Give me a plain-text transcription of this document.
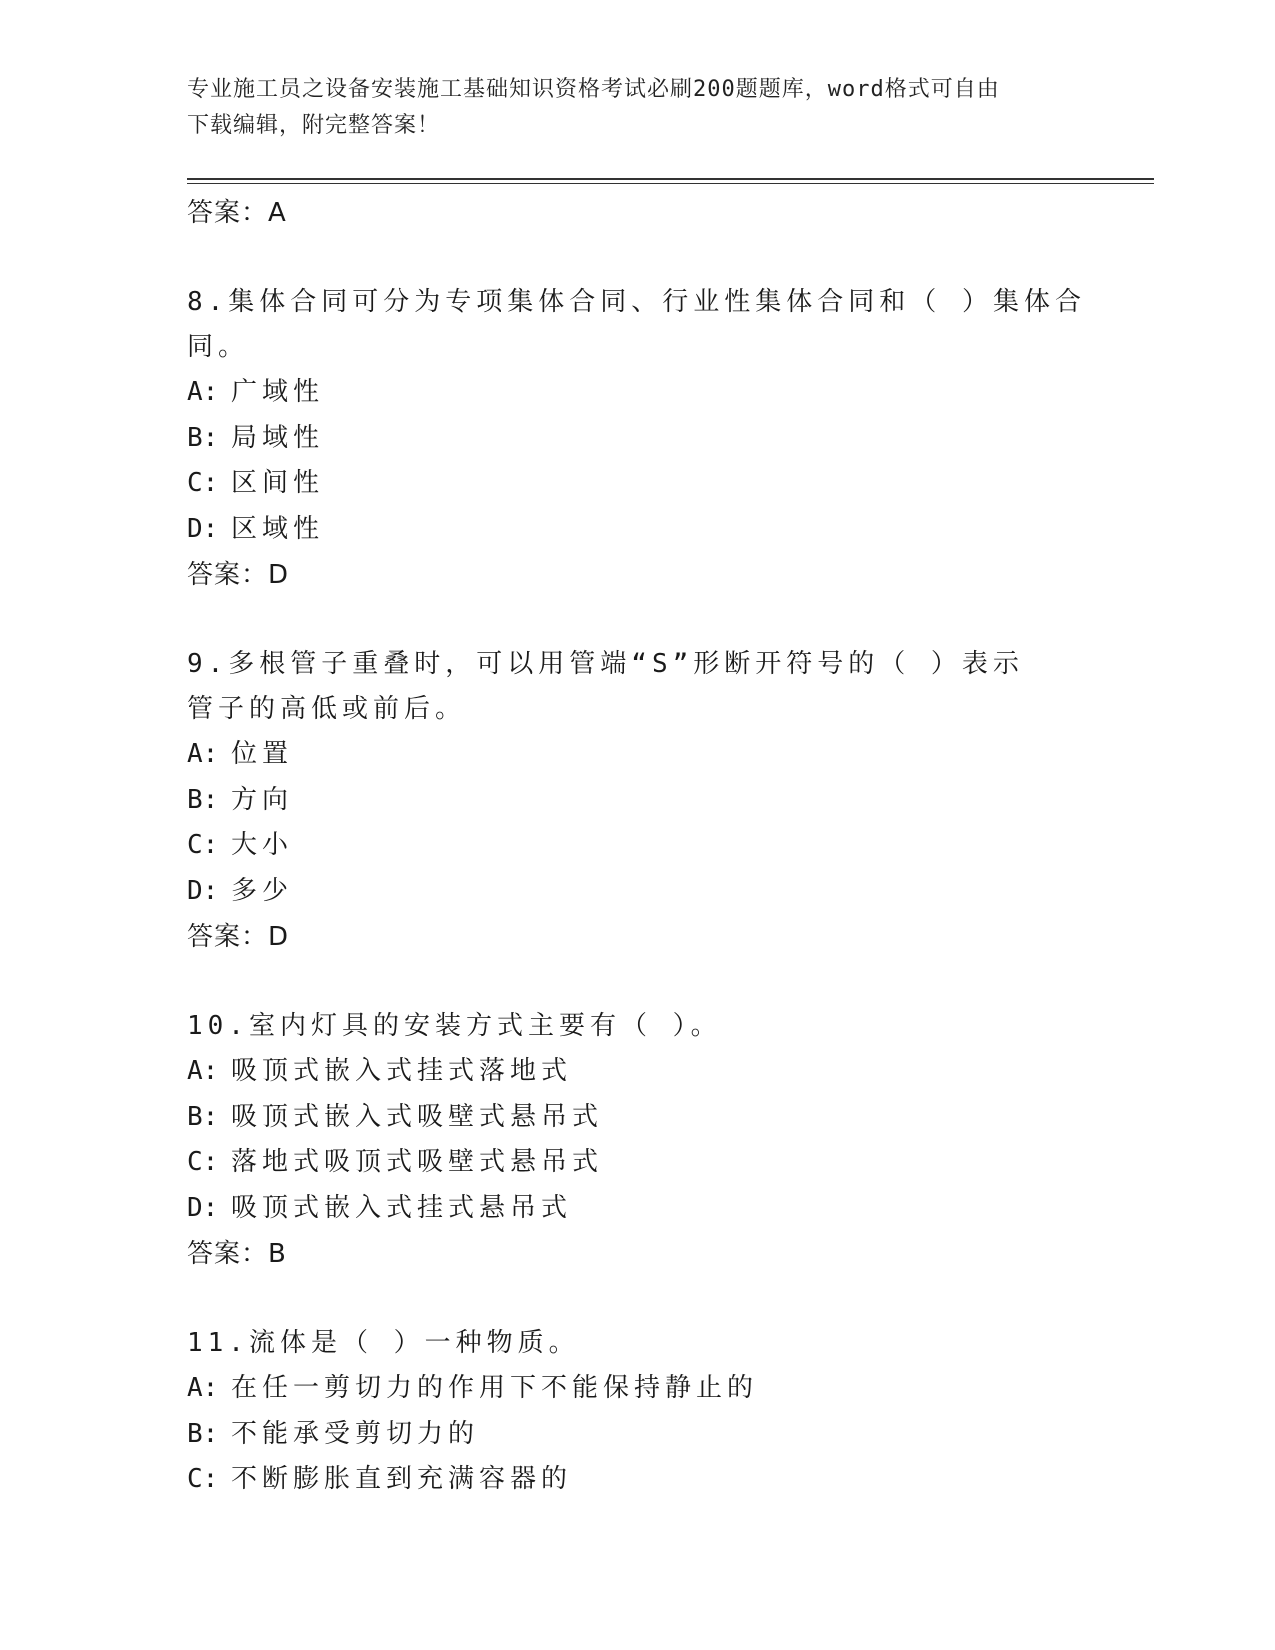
专业施工员之设备安装施工基础知识资格考试必刷200题题库，word格式可自由
下载编辑，附完整答案！
答案：A
8.集体合同可分为专项集体合同、行业性集体合同和（ ）集体合同。
A: 广域性
B: 局域性
C: 区间性
D: 区域性
答案：D
9.多根管子重叠时，可以用管端“S”形断开符号的（ ）表示管子的高低或前后。
A: 位置
B: 方向
C: 大小
D: 多少
答案：D
10.室内灯具的安装方式主要有（ ）。
A: 吸顶式嵌入式挂式落地式
B: 吸顶式嵌入式吸壁式悬吊式
C: 落地式吸顶式吸壁式悬吊式
D: 吸顶式嵌入式挂式悬吊式
答案：B
11.流体是（ ）一种物质。
A: 在任一剪切力的作用下不能保持静止的
B: 不能承受剪切力的
C: 不断膨胀直到充满容器的
